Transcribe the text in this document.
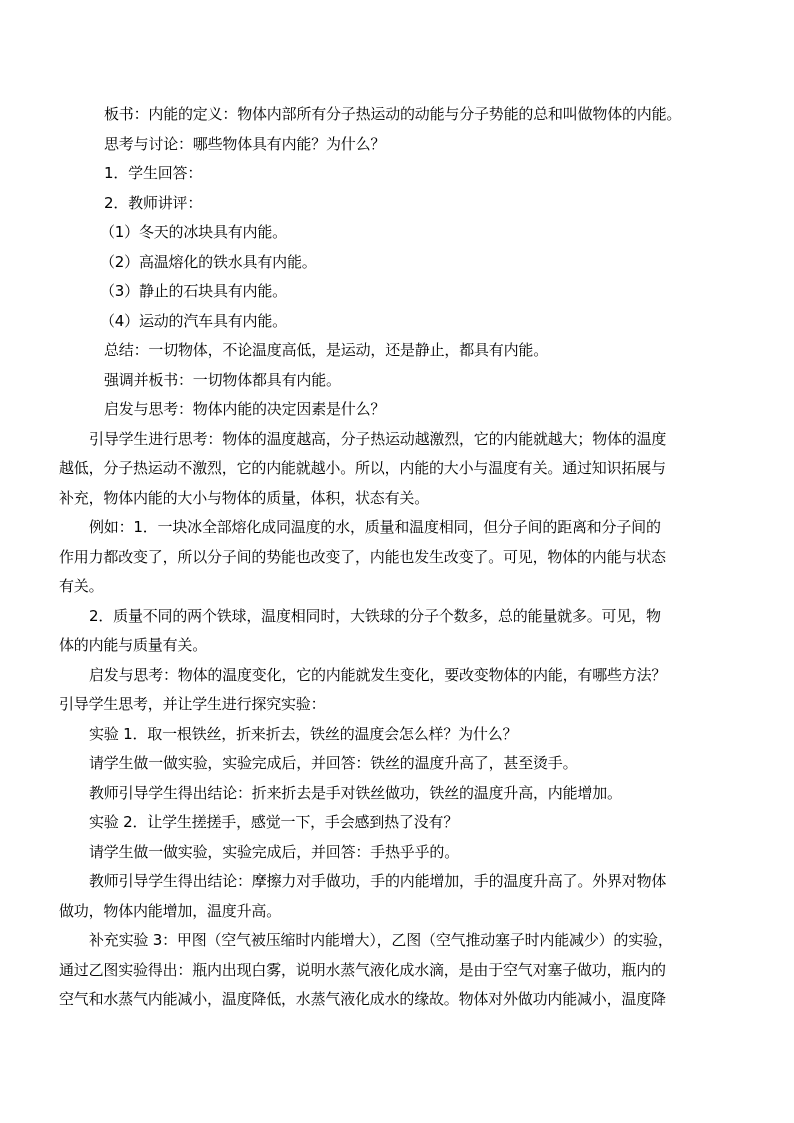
板书：内能的定义：物体内部所有分子热运动的动能与分子势能的总和叫做物体的内能。
思考与讨论：哪些物体具有内能？为什么？
1．学生回答：
2．教师讲评：
（1）冬天的冰块具有内能。
（2）高温熔化的铁水具有内能。
（3）静止的石块具有内能。
（4）运动的汽车具有内能。
总结：一切物体，不论温度高低，是运动，还是静止，都具有内能。
强调并板书：一切物体都具有内能。
启发与思考：物体内能的决定因素是什么？
引导学生进行思考：物体的温度越高，分子热运动越激烈，它的内能就越大；物体的温度
越低，分子热运动不激烈，它的内能就越小。所以，内能的大小与温度有关。通过知识拓展与
补充，物体内能的大小与物体的质量，体积，状态有关。
例如：1．一块冰全部熔化成同温度的水，质量和温度相同，但分子间的距离和分子间的
作用力都改变了，所以分子间的势能也改变了，内能也发生改变了。可见，物体的内能与状态
有关。
2．质量不同的两个铁球，温度相同时，大铁球的分子个数多，总的能量就多。可见，物
体的内能与质量有关。
启发与思考：物体的温度变化，它的内能就发生变化，要改变物体的内能，有哪些方法？
引导学生思考，并让学生进行探究实验：
实验 1．取一根铁丝，折来折去，铁丝的温度会怎么样？为什么？
请学生做一做实验，实验完成后，并回答：铁丝的温度升高了，甚至烫手。
教师引导学生得出结论：折来折去是手对铁丝做功，铁丝的温度升高，内能增加。
实验 2．让学生搓搓手，感觉一下，手会感到热了没有？
请学生做一做实验，实验完成后，并回答：手热乎乎的。
教师引导学生得出结论：摩擦力对手做功，手的内能增加，手的温度升高了。外界对物体
做功，物体内能增加，温度升高。
补充实验 3：甲图（空气被压缩时内能增大），乙图（空气推动塞子时内能减少）的实验，
通过乙图实验得出：瓶内出现白雾，说明水蒸气液化成水滴，是由于空气对塞子做功，瓶内的
空气和水蒸气内能减小，温度降低，水蒸气液化成水的缘故。物体对外做功内能减小，温度降
